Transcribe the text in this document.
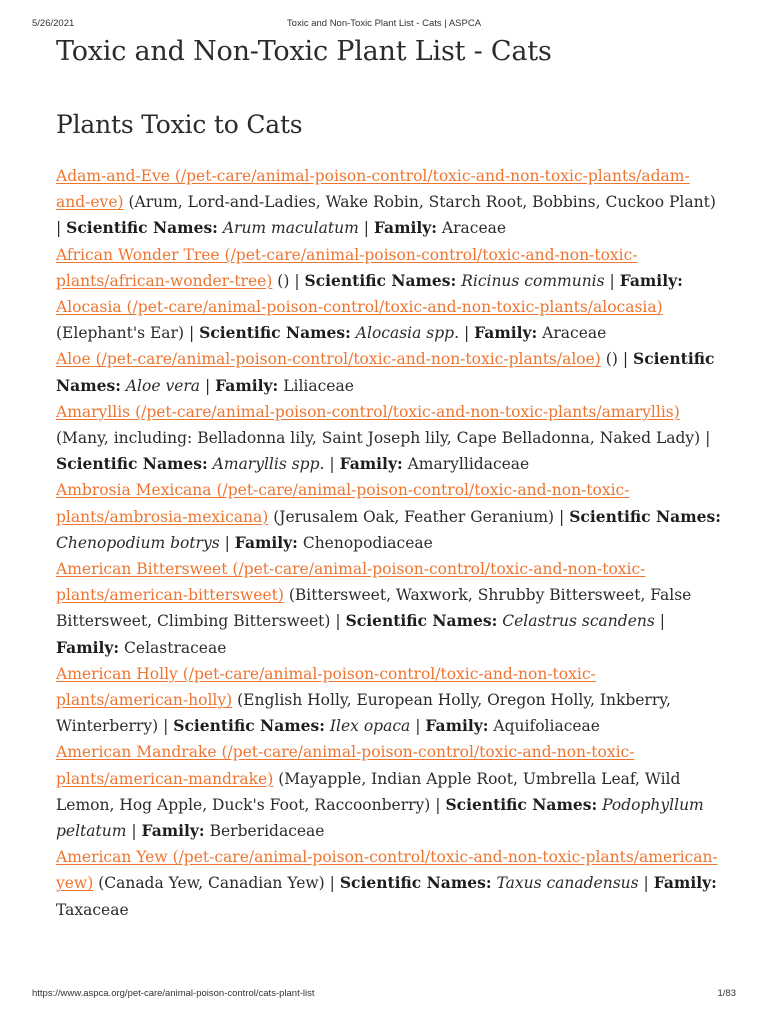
5/26/2021	Toxic and Non-Toxic Plant List - Cats | ASPCA
Toxic and Non-Toxic Plant List - Cats
Plants Toxic to Cats

Adam-and-Eve (/pet-care/animal-poison-control/toxic-and-non-toxic-plants/adam-and-eve) (Arum, Lord-and-Ladies, Wake Robin, Starch Root, Bobbins, Cuckoo Plant) | Scientific Names: Arum maculatum | Family: Araceae

African Wonder Tree (/pet-care/animal-poison-control/toxic-and-non-toxic-plants/african-wonder-tree) () | Scientific Names: Ricinus communis | Family:

Alocasia (/pet-care/animal-poison-control/toxic-and-non-toxic-plants/alocasia) (Elephant's Ear) | Scientific Names: Alocasia spp. | Family: Araceae

Aloe (/pet-care/animal-poison-control/toxic-and-non-toxic-plants/aloe) () | Scientific Names: Aloe vera | Family: Liliaceae

Amaryllis (/pet-care/animal-poison-control/toxic-and-non-toxic-plants/amaryllis) (Many, including: Belladonna lily, Saint Joseph lily, Cape Belladonna, Naked Lady) | Scientific Names: Amaryllis spp. | Family: Amaryllidaceae

Ambrosia Mexicana (/pet-care/animal-poison-control/toxic-and-non-toxic-plants/ambrosia-mexicana) (Jerusalem Oak, Feather Geranium) | Scientific Names: Chenopodium botrys | Family: Chenopodiaceae

American Bittersweet (/pet-care/animal-poison-control/toxic-and-non-toxic-plants/american-bittersweet) (Bittersweet, Waxwork, Shrubby Bittersweet, False Bittersweet, Climbing Bittersweet) | Scientific Names: Celastrus scandens | Family: Celastraceae

American Holly (/pet-care/animal-poison-control/toxic-and-non-toxic-plants/american-holly) (English Holly, European Holly, Oregon Holly, Inkberry, Winterberry) | Scientific Names: Ilex opaca | Family: Aquifoliaceae

American Mandrake (/pet-care/animal-poison-control/toxic-and-non-toxic-plants/american-mandrake) (Mayapple, Indian Apple Root, Umbrella Leaf, Wild Lemon, Hog Apple, Duck's Foot, Raccoonberry) | Scientific Names: Podophyllum peltatum | Family: Berberidaceae

American Yew (/pet-care/animal-poison-control/toxic-and-non-toxic-plants/american-yew) (Canada Yew, Canadian Yew) | Scientific Names: Taxus canadensus | Family: Taxaceae

https://www.aspca.org/pet-care/animal-poison-control/cats-plant-list	1/83
